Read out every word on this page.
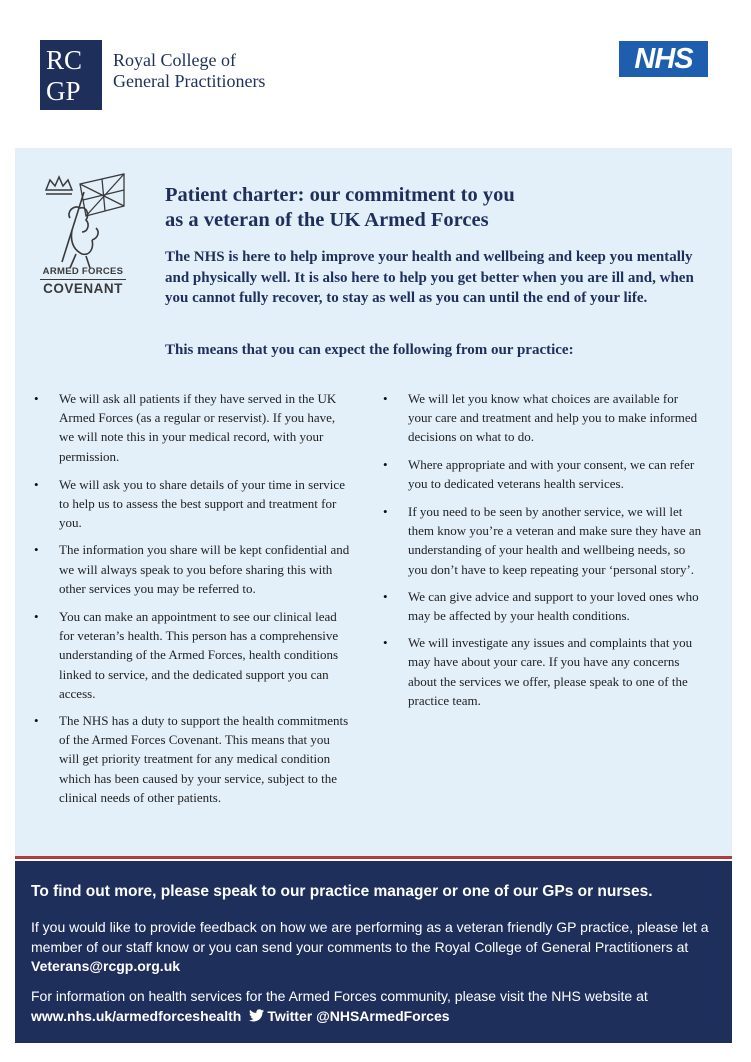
RC
GP
Royal College of
General Practitioners
NHS
ARMED FORCES
COVENANT
Patient charter: our commitment to you
as a veteran of the UK Armed Forces

The NHS is here to help improve your health and wellbeing and keep you mentally and physically well. It is also here to help you get better when you are ill and, when you cannot fully recover, to stay as well as you can until the end of your life.

This means that you can expect the following from our practice:

• We will ask all patients if they have served in the UK Armed Forces (as a regular or reservist). If you have, we will note this in your medical record, with your permission.
• We will ask you to share details of your time in service to help us to assess the best support and treatment for you.
• The information you share will be kept confidential and we will always speak to you before sharing this with other services you may be referred to.
• You can make an appointment to see our clinical lead for veteran’s health. This person has a comprehensive understanding of the Armed Forces, health conditions linked to service, and the dedicated support you can access.
• The NHS has a duty to support the health commitments of the Armed Forces Covenant. This means that you will get priority treatment for any medical condition which has been caused by your service, subject to the clinical needs of other patients.
• We will let you know what choices are available for your care and treatment and help you to make informed decisions on what to do.
• Where appropriate and with your consent, we can refer you to dedicated veterans health services.
• If you need to be seen by another service, we will let them know you’re a veteran and make sure they have an understanding of your health and wellbeing needs, so you don’t have to keep repeating your ‘personal story’.
• We can give advice and support to your loved ones who may be affected by your health conditions.
• We will investigate any issues and complaints that you may have about your care. If you have any concerns about the services we offer, please speak to one of the practice team.

To find out more, please speak to our practice manager or one of our GPs or nurses.

If you would like to provide feedback on how we are performing as a veteran friendly GP practice, please let a member of our staff know or you can send your comments to the Royal College of General Practitioners at Veterans@rcgp.org.uk

For information on health services for the Armed Forces community, please visit the NHS website at www.nhs.uk/armedforceshealth Twitter @NHSArmedForces
